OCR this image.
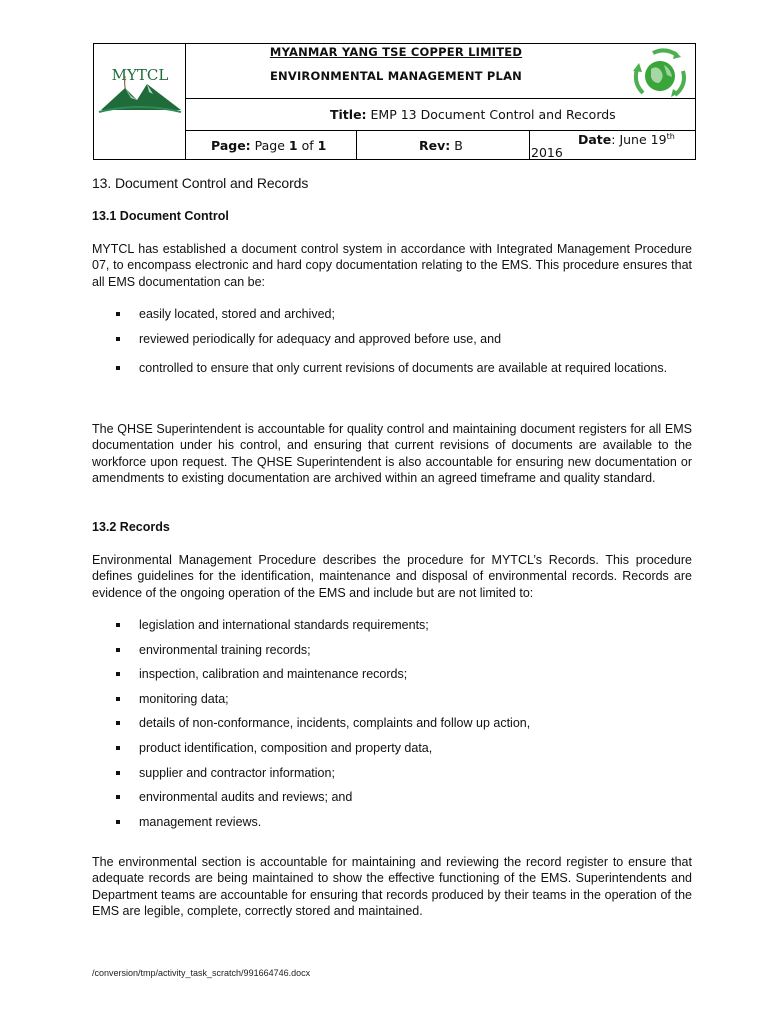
MYTCL
MYANMAR YANG TSE COPPER LIMITED
ENVIRONMENTAL MANAGEMENT PLAN
Title: EMP 13 Document Control and Records
Page: Page 1 of 1	Rev: B	Date: June 19th
2016
13. Document Control and Records
13.1 Document Control

MYTCL has established a document control system in accordance with Integrated Management Procedure 07, to encompass electronic and hard copy documentation relating to the EMS. This procedure ensures that all EMS documentation can be:

easily located, stored and archived;
reviewed periodically for adequacy and approved before use, and
controlled to ensure that only current revisions of documents are available at required locations.

The QHSE Superintendent is accountable for quality control and maintaining document registers for all EMS documentation under his control, and ensuring that current revisions of documents are available to the workforce upon request. The QHSE Superintendent is also accountable for ensuring new documentation or amendments to existing documentation are archived within an agreed timeframe and quality standard.

13.2 Records

Environmental Management Procedure describes the procedure for MYTCL’s Records. This procedure defines guidelines for the identification, maintenance and disposal of environmental records. Records are evidence of the ongoing operation of the EMS and include but are not limited to:

legislation and international standards requirements;
environmental training records;
inspection, calibration and maintenance records;
monitoring data;
details of non-conformance, incidents, complaints and follow up action,
product identification, composition and property data,
supplier and contractor information;
environmental audits and reviews; and
management reviews.

The environmental section is accountable for maintaining and reviewing the record register to ensure that adequate records are being maintained to show the effective functioning of the EMS. Superintendents and Department teams are accountable for ensuring that records produced by their teams in the operation of the EMS are legible, complete, correctly stored and maintained.

/conversion/tmp/activity_task_scratch/991664746.docx
